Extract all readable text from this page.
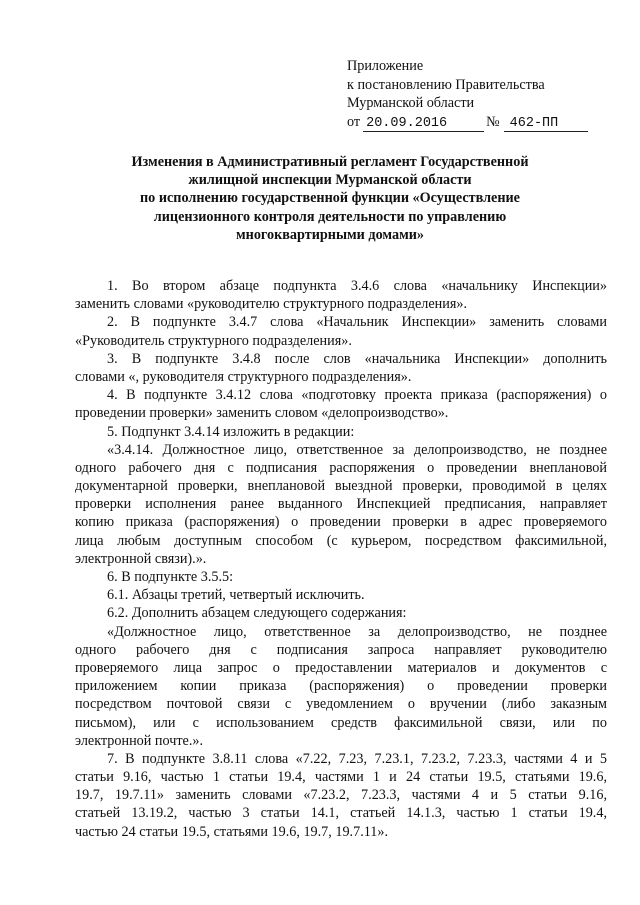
Приложение
к постановлению Правительства
Мурманской области
от 20.09.2016	№ 462-ПП
Изменения в Административный регламент Государственной
жилищной инспекции Мурманской области
по исполнению государственной функции «Осуществление
лицензионного контроля деятельности по управлению
многоквартирными домами»
1. Во втором абзаце подпункта 3.4.6 слова «начальнику Инспекции»
заменить словами «руководителю структурного подразделения».
2. В подпункте 3.4.7 слова «Начальник Инспекции» заменить словами
«Руководитель структурного подразделения».
3. В подпункте 3.4.8 после слов «начальника Инспекции» дополнить
словами «, руководителя структурного подразделения».
4. В подпункте 3.4.12 слова «подготовку проекта приказа (распоряжения) о
проведении проверки» заменить словом «делопроизводство».
5. Подпункт 3.4.14 изложить в редакции:
«3.4.14. Должностное лицо, ответственное за делопроизводство, не позднее
одного рабочего дня с подписания распоряжения о проведении внеплановой
документарной проверки, внеплановой выездной проверки, проводимой в целях
проверки исполнения ранее выданного Инспекцией предписания, направляет
копию приказа (распоряжения) о проведении проверки в адрес проверяемого
лица любым доступным способом (с курьером, посредством факсимильной,
электронной связи).».
6. В подпункте 3.5.5:
6.1. Абзацы третий, четвертый исключить.
6.2. Дополнить абзацем следующего содержания:
«Должностное лицо, ответственное за делопроизводство, не позднее
одного рабочего дня с подписания запроса направляет руководителю
проверяемого лица запрос о предоставлении материалов и документов с
приложением копии приказа (распоряжения) о проведении проверки
посредством почтовой связи с уведомлением о вручении (либо заказным
письмом), или с использованием средств факсимильной связи, или по
электронной почте.».
7. В подпункте 3.8.11 слова «7.22, 7.23, 7.23.1, 7.23.2, 7.23.3, частями 4 и 5
статьи 9.16, частью 1 статьи 19.4, частями 1 и 24 статьи 19.5, статьями 19.6,
19.7, 19.7.11» заменить словами «7.23.2, 7.23.3, частями 4 и 5 статьи 9.16,
статьей 13.19.2, частью 3 статьи 14.1, статьей 14.1.3, частью 1 статьи 19.4,
частью 24 статьи 19.5, статьями 19.6, 19.7, 19.7.11».
